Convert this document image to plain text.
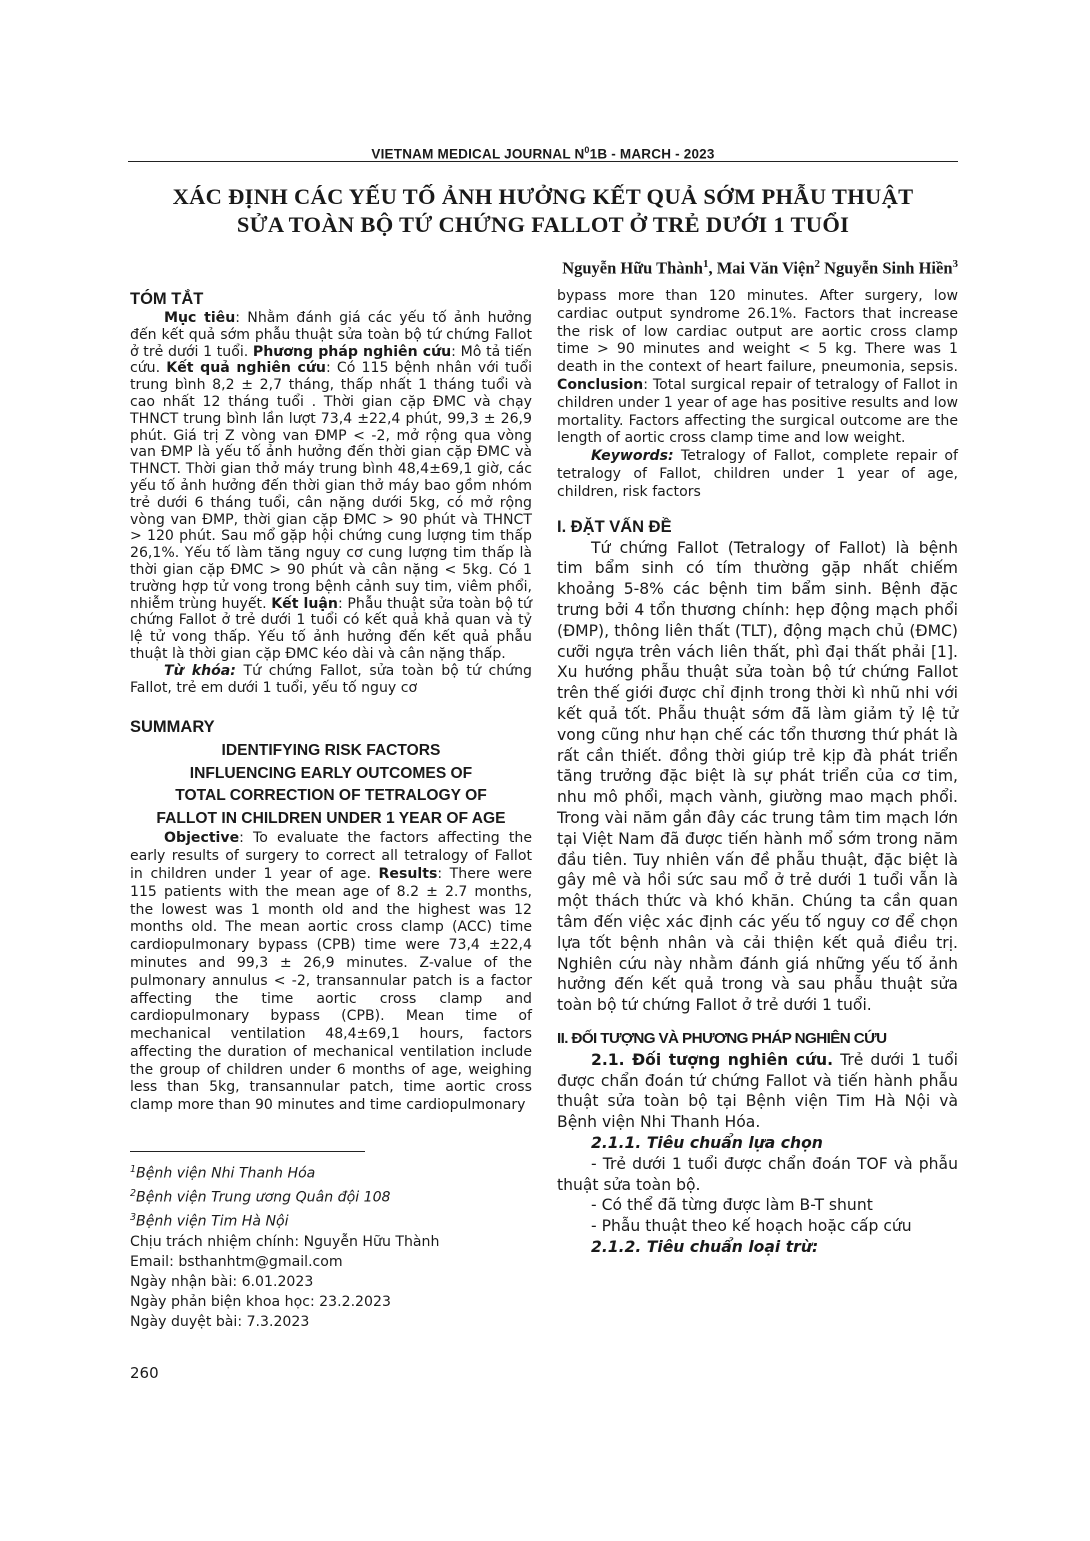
VIETNAM MEDICAL JOURNAL $N^01B$ - MARCH - 2023
XÁC ĐỊNH CÁC YẾU TỐ ẢNH HƯỞNG KẾT QUẢ SỚM PHẪU THUẬT
SỬA TOÀN BỘ TỨ CHỨNG FALLOT Ở TRẺ DƯỚI 1 TUỔI
Nguyễn Hữu Thành$^1$, Mai Văn Viện$^2$ Nguyễn Sinh Hiền$^3$
TÓM TẮT

Mục tiêu: Nhằm đánh giá các yếu tố ảnh hưởng đến kết quả sớm phẫu thuật sửa toàn bộ tứ chứng Fallot ở trẻ dưới 1 tuổi. Phương pháp nghiên cứu: Mô tả tiến cứu. Kết quả nghiên cứu: Có 115 bệnh nhân với tuổi trung bình 8,2 ± 2,7 tháng, thấp nhất 1 tháng tuổi và cao nhất 12 tháng tuổi . Thời gian cặp ĐMC và chạy THNCT trung bình lần lượt 73,4 ±22,4 phút, 99,3 ± 26,9 phút. Giá trị Z vòng van ĐMP < -2, mở rộng qua vòng van ĐMP là yếu tố ảnh hưởng đến thời gian cặp ĐMC và THNCT. Thời gian thở máy trung bình 48,4±69,1 giờ, các yếu tố ảnh hưởng đến thời gian thở máy bao gồm nhóm trẻ dưới 6 tháng tuổi, cân nặng dưới 5kg, có mở rộng vòng van ĐMP, thời gian cặp ĐMC > 90 phút và THNCT > 120 phút. Sau mổ gặp hội chứng cung lượng tim thấp 26,1%. Yếu tố làm tăng nguy cơ cung lượng tim thấp là thời gian cặp ĐMC > 90 phút và cân nặng < 5kg. Có 1 trường hợp tử vong trong bệnh cảnh suy tim, viêm phổi, nhiễm trùng huyết. Kết luận: Phẫu thuật sửa toàn bộ tứ chứng Fallot ở trẻ dưới 1 tuổi có kết quả khả quan và tỷ lệ tử vong thấp. Yếu tố ảnh hưởng đến kết quả phẫu thuật là thời gian cặp ĐMC kéo dài và cân nặng thấp.

Từ khóa: Tứ chứng Fallot, sửa toàn bộ tứ chứng Fallot, trẻ em dưới 1 tuổi, yếu tố nguy cơ

SUMMARY
IDENTIFYING RISK FACTORS
INFLUENCING EARLY OUTCOMES OF
TOTAL CORRECTION OF TETRALOGY OF
FALLOT IN CHILDREN UNDER 1 YEAR OF AGE

Objective: To evaluate the factors affecting the early results of surgery to correct all tetralogy of Fallot in children under 1 year of age. Results: There were 115 patients with the mean age of 8.2 ± 2.7 months, the lowest was 1 month old and the highest was 12 months old. The mean aortic cross clamp (ACC) time cardiopulmonary bypass (CPB) time were 73,4 ±22,4 minutes and 99,3 ± 26,9 minutes. Z-value of the pulmonary annulus < -2, transannular patch is a factor affecting the time aortic cross clamp and cardiopulmonary bypass (CPB). Mean time of mechanical ventilation 48,4±69,1 hours, factors affecting the duration of mechanical ventilation include the group of children under 6 months of age, weighing less than 5kg, transannular patch, time aortic cross clamp more than 90 minutes and time cardiopulmonary

$^1$Bệnh viện Nhi Thanh Hóa
$^2$Bệnh viện Trung ương Quân đội 108
$^3$Bệnh viện Tim Hà Nội
Chịu trách nhiệm chính: Nguyễn Hữu Thành
Email: bsthanhtm@gmail.com
Ngày nhận bài: 6.01.2023
Ngày phản biện khoa học: 23.2.2023
Ngày duyệt bài: 7.3.2023
260

bypass more than 120 minutes. After surgery, low cardiac output syndrome 26.1%. Factors that increase the risk of low cardiac output are aortic cross clamp time > 90 minutes and weight < 5 kg. There was 1 death in the context of heart failure, pneumonia, sepsis. Conclusion: Total surgical repair of tetralogy of Fallot in children under 1 year of age has positive results and low mortality. Factors affecting the surgical outcome are the length of aortic cross clamp time and low weight.

Keywords: Tetralogy of Fallot, complete repair of tetralogy of Fallot, children under 1 year of age, children, risk factors

I. ĐẶT VẤN ĐỀ

Tứ chứng Fallot (Tetralogy of Fallot) là bệnh tim bẩm sinh có tím thường gặp nhất chiếm khoảng 5-8% các bệnh tim bẩm sinh. Bệnh đặc trưng bởi 4 tổn thương chính: hẹp động mạch phổi (ĐMP), thông liên thất (TLT), động mạch chủ (ĐMC) cưỡi ngựa trên vách liên thất, phì đại thất phải [1]. Xu hướng phẫu thuật sửa toàn bộ tứ chứng Fallot trên thế giới được chỉ định trong thời kì nhũ nhi với kết quả tốt. Phẫu thuật sớm đã làm giảm tỷ lệ tử vong cũng như hạn chế các tổn thương thứ phát là rất cần thiết. đồng thời giúp trẻ kịp đà phát triển tăng trưởng đặc biệt là sự phát triển của cơ tim, nhu mô phổi, mạch vành, giường mao mạch phổi. Trong vài năm gần đây các trung tâm tim mạch lớn tại Việt Nam đã được tiến hành mổ sớm trong năm đầu tiên. Tuy nhiên vấn đề phẫu thuật, đặc biệt là gây mê và hồi sức sau mổ ở trẻ dưới 1 tuổi vẫn là một thách thức và khó khăn. Chúng ta cần quan tâm đến việc xác định các yếu tố nguy cơ để chọn lựa tốt bệnh nhân và cải thiện kết quả điều trị. Nghiên cứu này nhằm đánh giá những yếu tố ảnh hưởng đến kết quả trong và sau phẫu thuật sửa toàn bộ tứ chứng Fallot ở trẻ dưới 1 tuổi.

II. ĐỐI TƯỢNG VÀ PHƯƠNG PHÁP NGHIÊN CỨU

2.1. Đối tượng nghiên cứu. Trẻ dưới 1 tuổi được chẩn đoán tứ chứng Fallot và tiến hành phẫu thuật sửa toàn bộ tại Bệnh viện Tim Hà Nội và Bệnh viện Nhi Thanh Hóa.

2.1.1. Tiêu chuẩn lựa chọn

- Trẻ dưới 1 tuổi được chẩn đoán TOF và phẫu thuật sửa toàn bộ.

- Có thể đã từng được làm B-T shunt

- Phẫu thuật theo kế hoạch hoặc cấp cứu

2.1.2. Tiêu chuẩn loại trừ:
